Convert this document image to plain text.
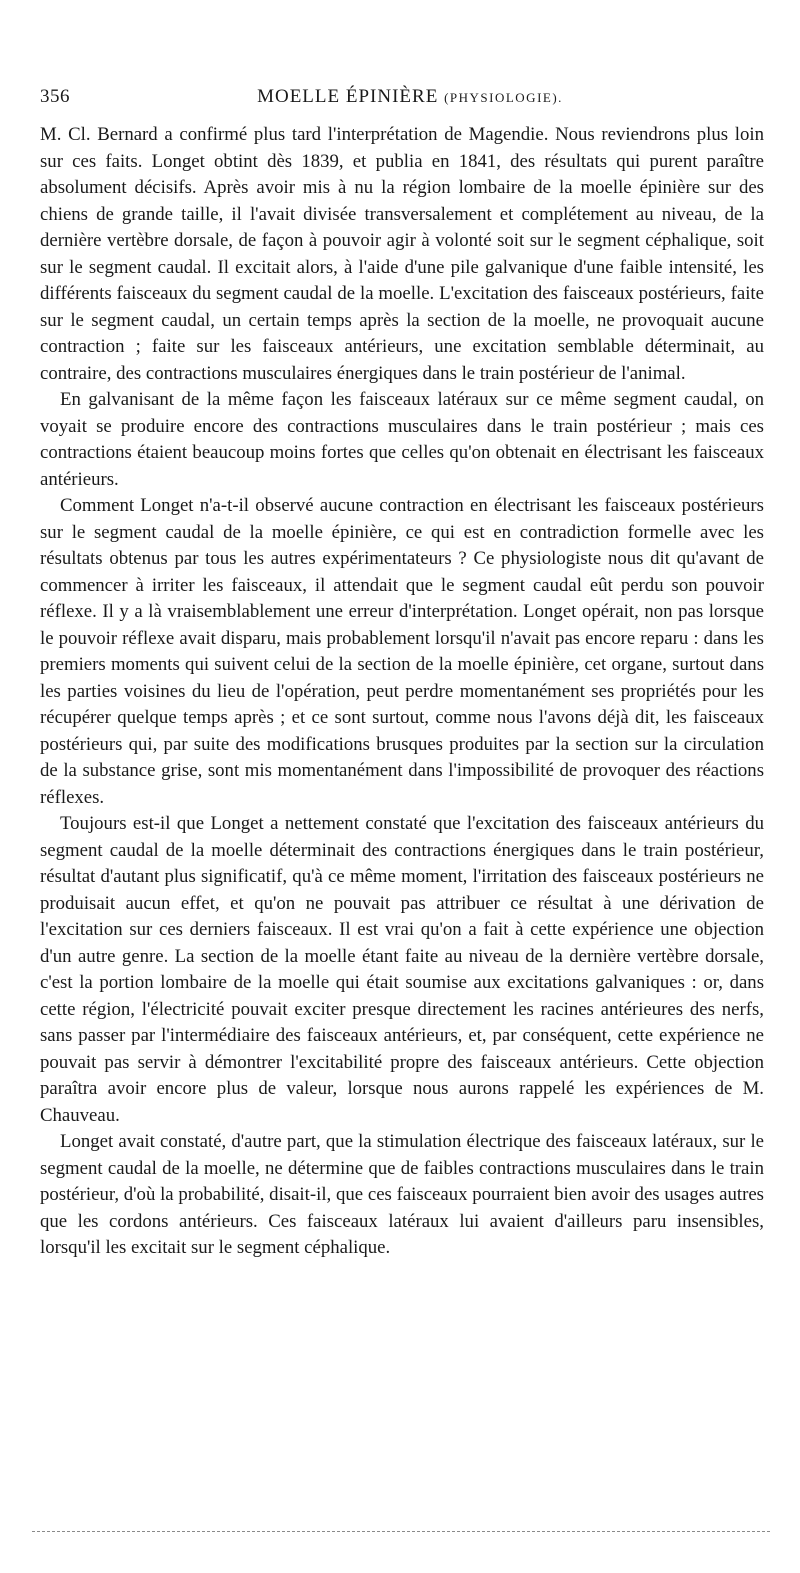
356	MOELLE ÉPINIÈRE (PHYSIOLOGIE).

M. Cl. Bernard a confirmé plus tard l'interprétation de Magendie. Nous reviendrons plus loin sur ces faits. Longet obtint dès 1839, et publia en 1841, des résultats qui purent paraître absolument décisifs. Après avoir mis à nu la région lombaire de la moelle épinière sur des chiens de grande taille, il l'avait divisée transversalement et complétement au niveau, de la dernière vertèbre dorsale, de façon à pouvoir agir à volonté soit sur le segment céphalique, soit sur le segment caudal. Il excitait alors, à l'aide d'une pile galvanique d'une faible intensité, les différents faisceaux du segment caudal de la moelle. L'excitation des faisceaux postérieurs, faite sur le segment caudal, un certain temps après la section de la moelle, ne provoquait aucune contraction ; faite sur les faisceaux antérieurs, une excitation semblable déterminait, au contraire, des contractions musculaires énergiques dans le train postérieur de l'animal.

En galvanisant de la même façon les faisceaux latéraux sur ce même segment caudal, on voyait se produire encore des contractions musculaires dans le train postérieur ; mais ces contractions étaient beaucoup moins fortes que celles qu'on obtenait en électrisant les faisceaux antérieurs.

Comment Longet n'a-t-il observé aucune contraction en électrisant les faisceaux postérieurs sur le segment caudal de la moelle épinière, ce qui est en contradiction formelle avec les résultats obtenus par tous les autres expérimentateurs ? Ce physiologiste nous dit qu'avant de commencer à irriter les faisceaux, il attendait que le segment caudal eût perdu son pouvoir réflexe. Il y a là vraisemblablement une erreur d'interprétation. Longet opérait, non pas lorsque le pouvoir réflexe avait disparu, mais probablement lorsqu'il n'avait pas encore reparu : dans les premiers moments qui suivent celui de la section de la moelle épinière, cet organe, surtout dans les parties voisines du lieu de l'opération, peut perdre momentanément ses propriétés pour les récupérer quelque temps après ; et ce sont surtout, comme nous l'avons déjà dit, les faisceaux postérieurs qui, par suite des modifications brusques produites par la section sur la circulation de la substance grise, sont mis momentanément dans l'impossibilité de provoquer des réactions réflexes.

Toujours est-il que Longet a nettement constaté que l'excitation des faisceaux antérieurs du segment caudal de la moelle déterminait des contractions énergiques dans le train postérieur, résultat d'autant plus significatif, qu'à ce même moment, l'irritation des faisceaux postérieurs ne produisait aucun effet, et qu'on ne pouvait pas attribuer ce résultat à une dérivation de l'excitation sur ces derniers faisceaux. Il est vrai qu'on a fait à cette expérience une objection d'un autre genre. La section de la moelle étant faite au niveau de la dernière vertèbre dorsale, c'est la portion lombaire de la moelle qui était soumise aux excitations galvaniques : or, dans cette région, l'électricité pouvait exciter presque directement les racines antérieures des nerfs, sans passer par l'intermédiaire des faisceaux antérieurs, et, par conséquent, cette expérience ne pouvait pas servir à démontrer l'excitabilité propre des faisceaux antérieurs. Cette objection paraîtra avoir encore plus de valeur, lorsque nous aurons rappelé les expériences de M. Chauveau.

Longet avait constaté, d'autre part, que la stimulation électrique des faisceaux latéraux, sur le segment caudal de la moelle, ne détermine que de faibles contractions musculaires dans le train postérieur, d'où la probabilité, disait-il, que ces faisceaux pourraient bien avoir des usages autres que les cordons antérieurs. Ces faisceaux latéraux lui avaient d'ailleurs paru insensibles, lorsqu'il les excitait sur le segment céphalique.
